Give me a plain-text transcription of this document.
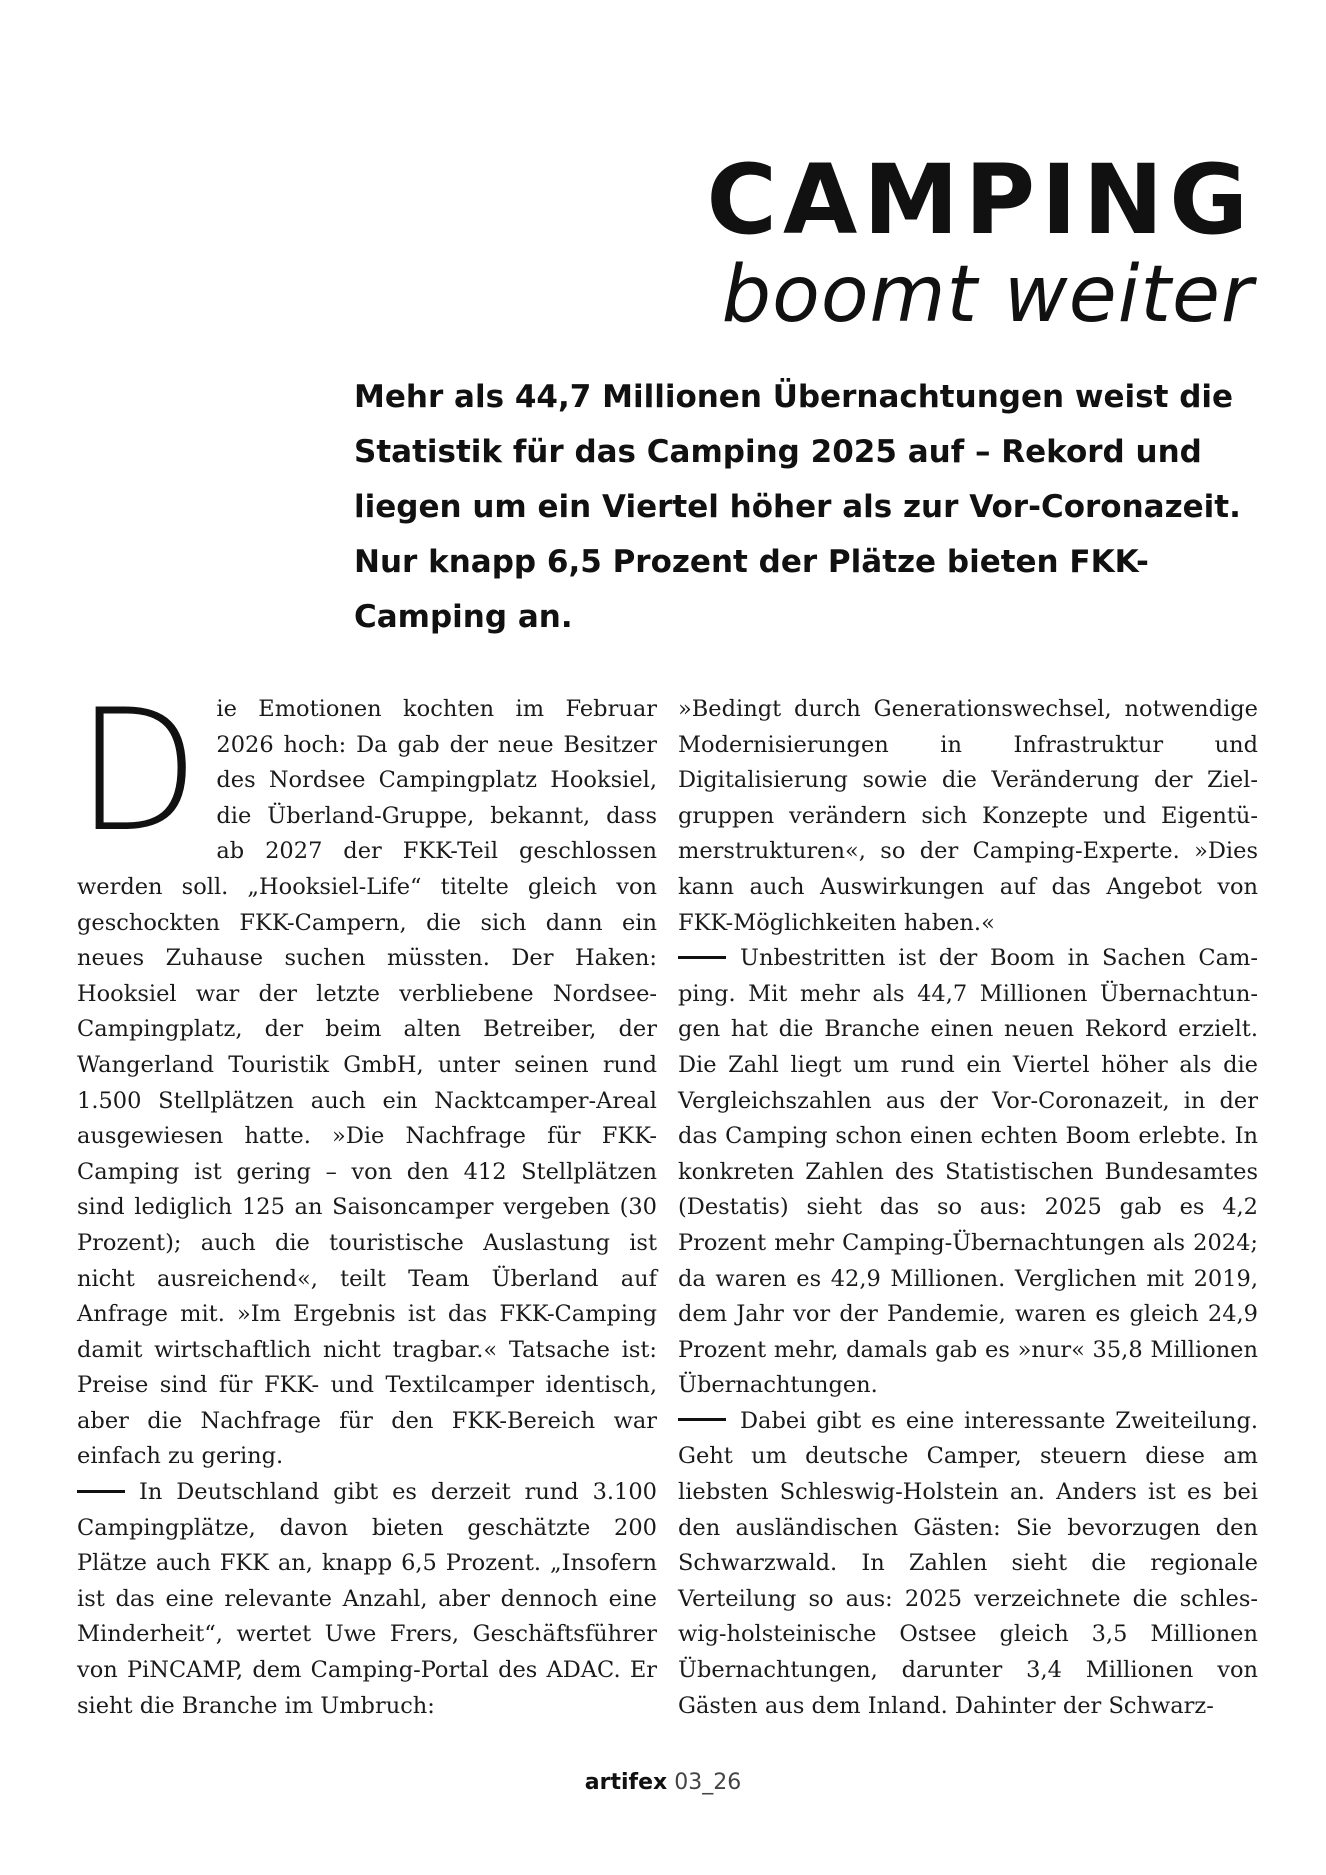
CAMPING
boomt weiter
Mehr als 44,7 Millionen Übernachtungen weist die Statistik für das Camping 2025 auf – Rekord und liegen um ein Viertel höher als zur Vor-Coronazeit. Nur knapp 6,5 Prozent der Plätze bieten FKK-Camping an.

Die Emotionen kochten im Februar 2026 hoch: Da gab der neue Besitzer des Nordsee Campingplatz Hooksiel, die Überland-Gruppe, bekannt, dass ab 2027 der FKK-Teil geschlossen werden soll. „Hooksiel-Life“ titelte gleich von geschockten FKK-Campern, die sich dann ein neues Zuhause suchen müssten. Der Haken: Hooksiel war der letzte verbliebene Nordsee-Campingplatz, der beim alten Betreiber, der Wangerland Touristik GmbH, unter seinen rund 1.500 Stellplätzen auch ein Nacktcamper-Areal ausgewiesen hatte. »Die Nachfrage für FKK-Camping ist gering – von den 412 Stellplätzen sind lediglich 125 an Saisoncamper vergeben (30 Prozent); auch die touristische Auslastung ist nicht ausreichend«, teilt Team Überland auf Anfrage mit. »Im Ergebnis ist das FKK-Camping damit wirtschaftlich nicht tragbar.« Tatsache ist: Preise sind für FKK- und Textilcamper identisch, aber die Nachfrage für den FKK-Bereich war einfach zu gering.

In Deutschland gibt es derzeit rund 3.100 Campingplätze, davon bieten geschätzte 200 Plätze auch FKK an, knapp 6,5 Prozent. „Insofern ist das eine relevante Anzahl, aber dennoch eine Minderheit“, wertet Uwe Frers, Geschäftsführer von PiNCAMP, dem Camping-Portal des ADAC. Er sieht die Branche im Umbruch:

»Bedingt durch Generationswechsel, notwendige Modernisierungen in Infrastruktur und Digitalisierung sowie die Veränderung der Zielgruppen verändern sich Konzepte und Eigentümerstrukturen«, so der Camping-Experte. »Dies kann auch Auswirkungen auf das Angebot von FKK-Möglichkeiten haben.«

Unbestritten ist der Boom in Sachen Camping. Mit mehr als 44,7 Millionen Übernachtungen hat die Branche einen neuen Rekord erzielt. Die Zahl liegt um rund ein Viertel höher als die Vergleichszahlen aus der Vor-Coronazeit, in der das Camping schon einen echten Boom erlebte. In konkreten Zahlen des Statistischen Bundesamtes (Destatis) sieht das so aus: 2025 gab es 4,2 Prozent mehr Camping-Übernachtungen als 2024; da waren es 42,9 Millionen. Verglichen mit 2019, dem Jahr vor der Pandemie, waren es gleich 24,9 Prozent mehr, damals gab es »nur« 35,8 Millionen Übernachtungen.

Dabei gibt es eine interessante Zweiteilung. Geht um deutsche Camper, steuern diese am liebsten Schleswig-Holstein an. Anders ist es bei den ausländischen Gästen: Sie bevorzugen den Schwarzwald. In Zahlen sieht die regionale Verteilung so aus: 2025 verzeichnete die schleswig-holsteinische Ostsee gleich 3,5 Millionen Übernachtungen, darunter 3,4 Millionen von Gästen aus dem Inland. Dahinter der Schwarz-

artifex 03_26
